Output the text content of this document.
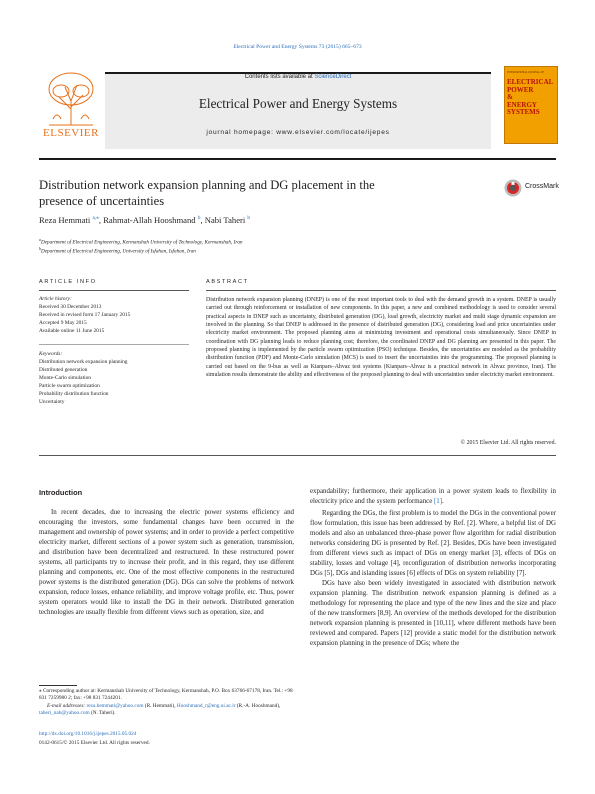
Electrical Power and Energy Systems 73 (2015) 665–673
ELSEVIER
Contents lists available at ScienceDirect
Electrical Power and Energy Systems
journal homepage: www.elsevier.com/locate/ijepes
INTERNATIONAL JOURNAL OF
ELECTRICAL
POWER
&
ENERGY
SYSTEMS
Distribution network expansion planning and DG placement in the
presence of uncertainties
CrossMark
Reza Hemmati $^{a,⁎}$, Rahmat-Allah Hooshmand $^b$, Nabi Taheri $^b$
$^a$Department of Electrical Engineering, Kermanshah University of Technology, Kermanshah, Iran
$^b$Department of Electrical Engineering, University of Isfahan, Isfahan, Iran
ARTICLE INFO
Article history:
Received 30 December 2013
Received in revised form 17 January 2015
Accepted 9 May 2015
Available online 11 June 2015
Keywords:
Distribution network expansion planning
Distributed generation
Monte-Carlo simulation
Particle swarm optimization
Probability distribution function
Uncertainty
ABSTRACT
Distribution network expansion planning (DNEP) is one of the most important tools to deal with the demand growth in a system. DNEP is usually carried out through reinforcement or installation of new components. In this paper, a new and combined methodology is used to consider several practical aspects in DNEP such as uncertainty, distributed generation (DG), load growth, electricity market and multi stage dynamic expansion are involved in the planning. So that DNEP is addressed in the presence of distributed generation (DG), considering load and price uncertainties under electricity market environment. The proposed planning aims at minimizing investment and operational costs simultaneously. Since DNEP in coordination with DG planning leads to reduce planning cost; therefore, the coordinated DNEP and DG planning are presented in this paper. The proposed planning is implemented by the particle swarm optimization (PSO) technique. Besides, the uncertainties are modeled as the probability distribution function (PDF) and Monte-Carlo simulation (MCS) is used to insert the uncertainties into the programming. The proposed planning is carried out based on the 9-bus as well as Kianpars–Ahvaz test systems (Kianpars–Ahvaz is a practical network in Ahvaz province, Iran). The simulation results demonstrate the ability and effectiveness of the proposed planning to deal with uncertainties under electricity market environment.
© 2015 Elsevier Ltd. All rights reserved.
Introduction

In recent decades, due to increasing the electric power systems efficiency and encouraging the investors, some fundamental changes have been occurred in the management and ownership of power systems; and in order to provide a perfect competitive electricity market, different sections of a power system such as generation, transmission, and distribution have been decentralized and restructured. In these restructured power systems, all participants try to increase their profit, and in this regard, they use different planning and components, etc. One of the most effective components in the restructured power systems is the distributed generation (DG). DGs can solve the problems of network expansion, reduce losses, enhance reliability, and improve voltage profile, etc. Thus, power system operators would like to install the DG in their network. Distributed generation technologies are usually flexible from different views such as operation, size, and

expandability; furthermore, their application in a power system leads to flexibility in electricity price and the system performance [1].

Regarding the DGs, the first problem is to model the DGs in the conventional power flow formulation, this issue has been addressed by Ref. [2]. Where, a helpful list of DG models and also an unbalanced three-phase power flow algorithm for radial distribution networks considering DG is presented by Ref. [2]. Besides, DGs have been investigated from different views such as impact of DGs on energy market [3], effects of DGs on stability, losses and voltage [4], reconfiguration of distribution networks incorporating DGs [5], DGs and islanding issues [6] effects of DGs on system reliability [7].

DGs have also been widely investigated in associated with distribution network expansion planning. The distribution network expansion planning is defined as a methodology for representing the place and type of the new lines and the size and place of the new transformers [8,9]. An overview of the methods developed for the distribution network expansion planning is presented in [10,11], where different methods have been reviewed and compared. Papers [12] provide a static model for the distribution network expansion planning in the presence of DGs; where the

⁎ Corresponding author at: Kermanshah University of Technology, Kermanshah, P.O. Box 63766-67178, Iran. Tel.: +98 831 7259980 2; fax: +98 831 7244201.
E-mail addresses: reza.hemmati@yahoo.com (R. Hemmati), Hooshmand_r@eng.ui.ac.ir (R.-A. Hooshmand), taheri_nab@yahoo.com (N. Taheri).
http://dx.doi.org/10.1016/j.ijepes.2015.05.024
0142-0615/© 2015 Elsevier Ltd. All rights reserved.
